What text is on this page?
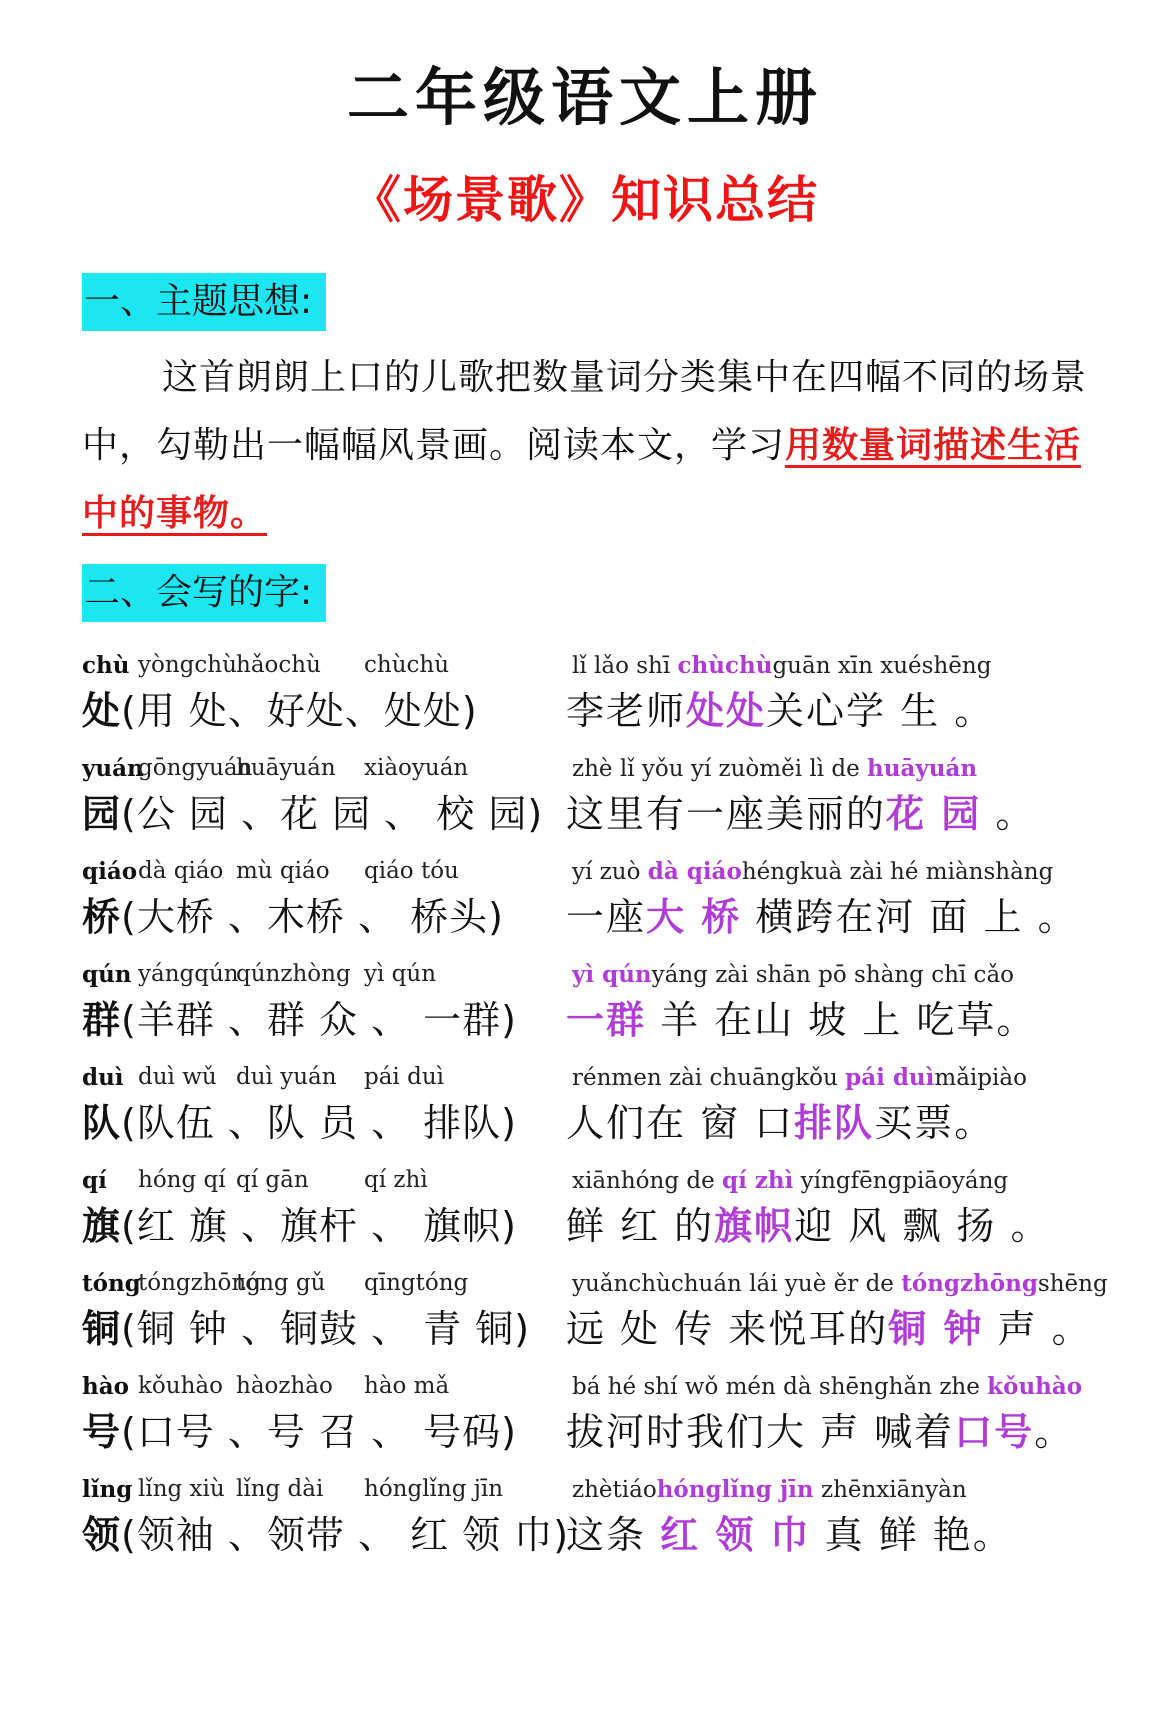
二年级语文上册
《场景歌》知识总结
一、主题思想:
这首朗朗上口的儿歌把数量词分类集中在四幅不同的场景中，勾勒出一幅幅风景画。阅读本文，学习用数量词描述生活中的事物。
二、会写的字:
chù yòngchù hǎochù chùchù
处(用 处、好处、处处)
lǐ lǎo shī chùchùguān xīn xuéshēng
李老师处处关心学 生 。
yuán
gōngyuán
huāyuán xiàoyuán
园(公 园 、花 园 、 校 园)
zhè lǐ yǒu yí zuòměi lì de huāyuán
这里有一座美丽的花 园 。
qiáo dà qiáo mù qiáo qiáo tóu
桥(大桥 、木桥 、 桥头)
yí zuò dà qiáohéngkuà zài hé miànshàng
一座大 桥 横跨在河 面 上 。
qún yángqún
qúnzhòng yì qún
群(羊群 、群 众 、 一群)
yì qúnyáng zài shān pō shàng chī cǎo
一群 羊 在山 坡 上 吃草。
duì duì wǔ duì yuán pái duì
队(队伍 、队 员 、 排队)
rénmen zài chuāngkǒu pái duìmǎipiào
人们在 窗 口排队买票。
qí hóng qí qí gān qí zhì
旗(红 旗 、旗杆 、 旗帜)
xiānhóng de qí zhì yíngfēngpiāoyáng
鲜 红 的旗帜迎 风 飘 扬 。
tóng
tóngzhōng
tóng gǔ qīngtóng
铜(铜 钟 、铜鼓 、 青 铜)
yuǎnchùchuán lái yuè ěr de tóngzhōngshēng
远 处 传 来悦耳的铜 钟 声 。
hào kǒuhào hàozhào hào mǎ
号(口号 、号 召 、 号码)
bá hé shí wǒ mén dà shēnghǎn zhe kǒuhào
拔河时我们大 声 喊着口号。
lǐng lǐng xiù lǐng dài hónglǐng jīn
领(领袖 、领带 、 红 领 巾)
zhètiáohónglǐng jīn zhēnxiānyàn
这条 红 领 巾 真 鲜 艳。
